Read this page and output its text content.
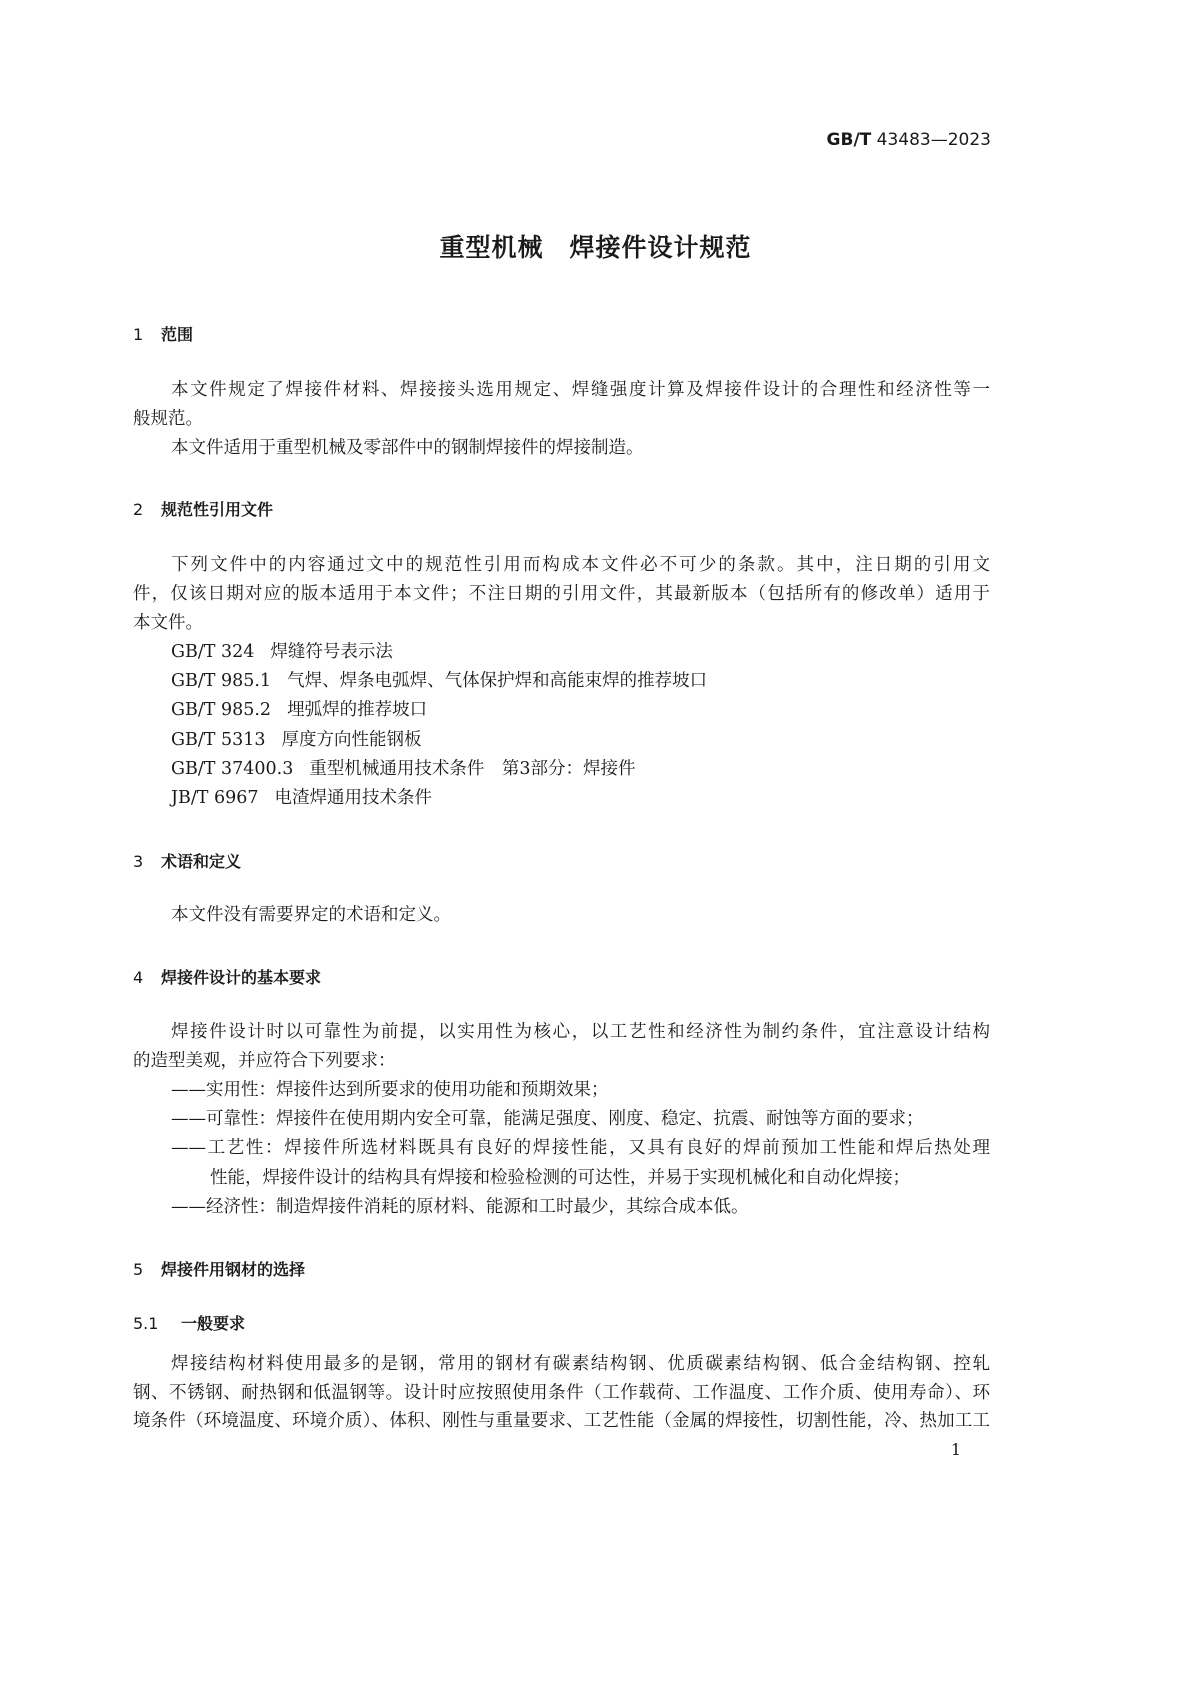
GB/T 43483—2023
重型机械　焊接件设计规范
1 范围
本文件规定了焊接件材料、焊接接头选用规定、焊缝强度计算及焊接件设计的合理性和经济性等一
般规范。
本文件适用于重型机械及零部件中的钢制焊接件的焊接制造。
2 规范性引用文件
下列文件中的内容通过文中的规范性引用而构成本文件必不可少的条款。其中，注日期的引用文
件，仅该日期对应的版本适用于本文件；不注日期的引用文件，其最新版本（包括所有的修改单）适用于
本文件。
GB/T 324 焊缝符号表示法
GB/T 985.1 气焊、焊条电弧焊、气体保护焊和高能束焊的推荐坡口
GB/T 985.2 埋弧焊的推荐坡口
GB/T 5313 厚度方向性能钢板
GB/T 37400.3 重型机械通用技术条件　第3部分：焊接件
JB/T 6967 电渣焊通用技术条件
3 术语和定义
本文件没有需要界定的术语和定义。
4 焊接件设计的基本要求
焊接件设计时以可靠性为前提，以实用性为核心，以工艺性和经济性为制约条件，宜注意设计结构
的造型美观，并应符合下列要求：
——实用性：焊接件达到所要求的使用功能和预期效果；
——可靠性：焊接件在使用期内安全可靠，能满足强度、刚度、稳定、抗震、耐蚀等方面的要求；
——工艺性：焊接件所选材料既具有良好的焊接性能，又具有良好的焊前预加工性能和焊后热处理
性能，焊接件设计的结构具有焊接和检验检测的可达性，并易于实现机械化和自动化焊接；
——经济性：制造焊接件消耗的原材料、能源和工时最少，其综合成本低。
5 焊接件用钢材的选择
5.1 一般要求
焊接结构材料使用最多的是钢，常用的钢材有碳素结构钢、优质碳素结构钢、低合金结构钢、控轧
钢、不锈钢、耐热钢和低温钢等。设计时应按照使用条件（工作载荷、工作温度、工作介质、使用寿命）、环
境条件（环境温度、环境介质）、体积、刚性与重量要求、工艺性能（金属的焊接性，切割性能，冷、热加工工
1
